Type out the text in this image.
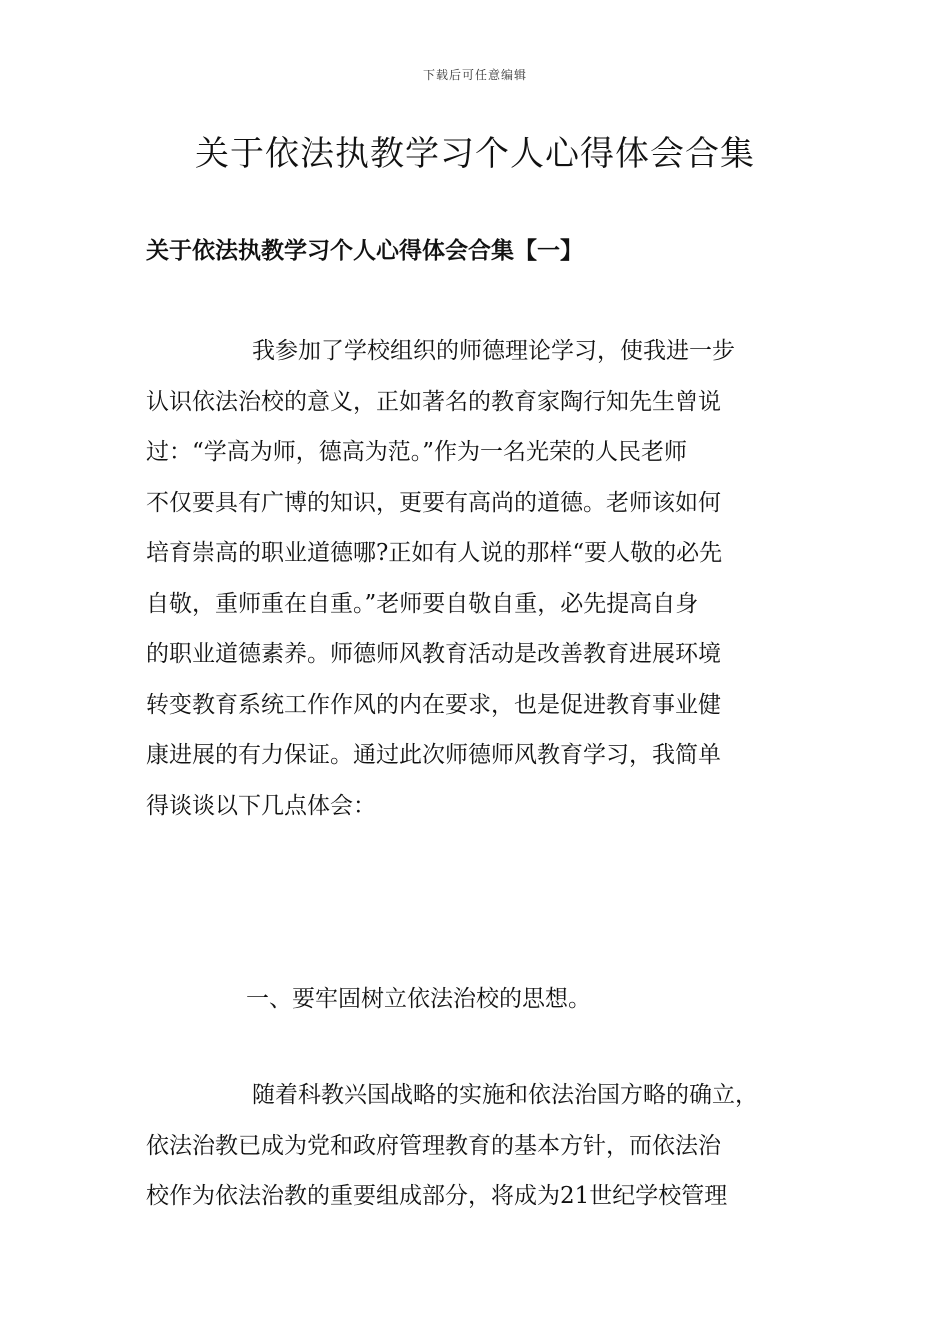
下载后可任意编辑
关于依法执教学习个人心得体会合集
关于依法执教学习个人心得体会合集【一】
我参加了学校组织的师德理论学习，使我进一步
认识依法治校的意义，正如著名的教育家陶行知先生曾说
过：“学高为师，德高为范。”作为一名光荣的人民老师
不仅要具有广博的知识，更要有高尚的道德。老师该如何
培育崇高的职业道德哪?正如有人说的那样“要人敬的必先
自敬，重师重在自重。”老师要自敬自重，必先提高自身
的职业道德素养。师德师风教育活动是改善教育进展环境
转变教育系统工作作风的内在要求，也是促进教育事业健
康进展的有力保证。通过此次师德师风教育学习，我简单
得谈谈以下几点体会：
一、要牢固树立依法治校的思想。
随着科教兴国战略的实施和依法治国方略的确立，
依法治教已成为党和政府管理教育的基本方针，而依法治
校作为依法治教的重要组成部分，将成为21世纪学校管理
